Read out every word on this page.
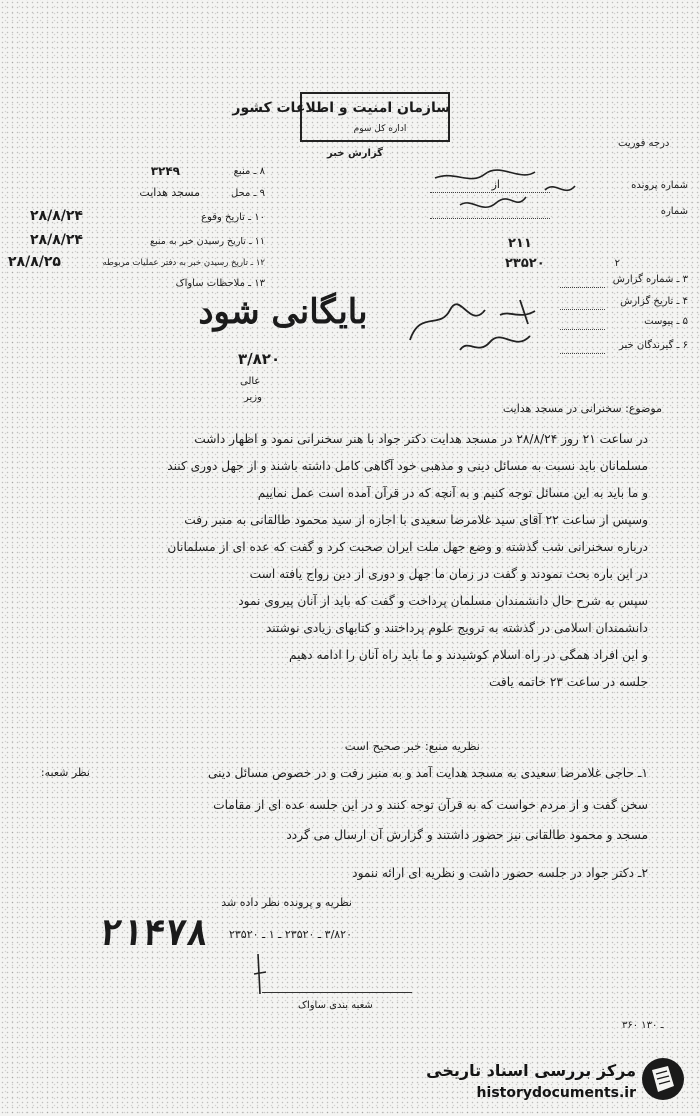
سازمان امنیت و اطلاعات کشور
اداره کل سوم
گزارش خبر
درجه فوریت
۸ ـ منبع
۳۲۴۹
۹ ـ محل
مسجد هدایت
۱۰ ـ تاریخ وقوع
۲۸/۸/۲۴
۱۱ ـ تاریخ رسیدن خبر به منبع
۲۸/۸/۲۴
۱۲ ـ تاریخ رسیدن خبر به دفتر عملیات مربوطه
۲۸/۸/۲۵
۱۳ ـ ملاحظات ساواک
شماره پرونده
از
شماره
۲۱۱
۲
۲۳۵۲۰
۳ ـ شماره گزارش
۴ ـ تاریخ گزارش
۵ ـ پیوست
۶ ـ گیرندگان خبر
بایگانی شود
۳/۸۲۰
عالی
وزیر
موضوع: سخنرانی در مسجد هدایت
در ساعت ۲۱ روز ۲۸/۸/۲۴ در مسجد هدایت دکتر جواد با هنر سخنرانی نمود و اظهار داشت
مسلمانان باید نسبت به مسائل دینی و مذهبی خود آگاهی کامل داشته باشند و از جهل دوری کنند
و ما باید به این مسائل توجه کنیم و به آنچه که در قرآن آمده است عمل نماییم
وسپس از ساعت ۲۲ آقای سید غلامرضا سعیدی با اجازه از سید محمود طالقانی به منبر رفت
درباره سخنرانی شب گذشته و وضع جهل ملت ایران صحبت کرد و گفت که عده ای از مسلمانان
در این باره بحث نمودند و گفت در زمان ما جهل و دوری از دین رواج یافته است
سپس به شرح حال دانشمندان مسلمان پرداخت و گفت که باید از آنان پیروی نمود
دانشمندان اسلامی در گذشته به ترویج علوم پرداختند و کتابهای زیادی نوشتند
و این افراد همگی در راه اسلام کوشیدند و ما باید راه آنان را ادامه دهیم
جلسه در ساعت ۲۳ خاتمه یافت
نظریه منبع: خبر صحیح است
نظر شعبه:	۱ـ حاجی غلامرضا سعیدی به مسجد هدایت آمد و به منبر رفت و در خصوص مسائل دینی
سخن گفت و از مردم خواست که به قرآن توجه کنند و در این جلسه عده ای از مقامات
مسجد و محمود طالقانی نیز حضور داشتند و گزارش آن ارسال می گردد
۲ـ دکتر جواد در جلسه حضور داشت و نظریه ای ارائه ننمود
نظریه و پرونده نظر داده شد
۳/۸۲۰ ـ ۲۳۵۲۰ ـ ۱ ـ ۲۳۵۲۰
۲۱۴۷۸
شعبه بندی ساواک
۳۶۰ ـ ۱۳۰
مرکز بررسی اسناد تاریخی
historydocuments.ir
